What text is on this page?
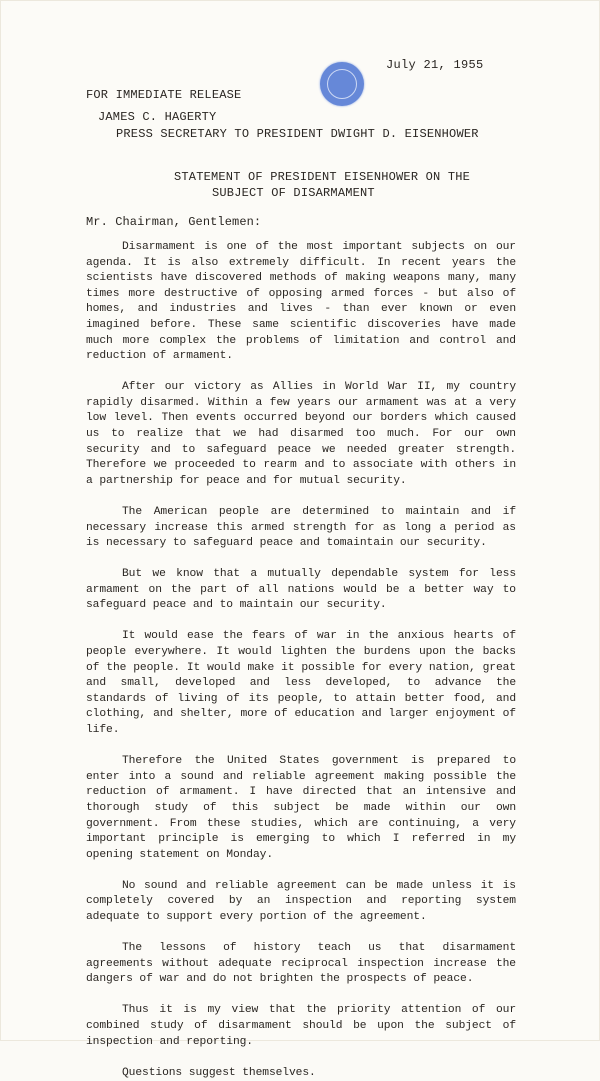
July 21, 1955
FOR IMMEDIATE RELEASE
JAMES C. HAGERTY
PRESS SECRETARY TO PRESIDENT DWIGHT D. EISENHOWER
STATEMENT OF PRESIDENT EISENHOWER ON THE
SUBJECT OF DISARMAMENT
Mr. Chairman, Gentlemen:

Disarmament is one of the most important subjects on our agenda. It is also extremely difficult. In recent years the scientists have discovered methods of making weapons many, many times more destructive of opposing armed forces - but also of homes, and industries and lives - than ever known or even imagined before. These same scientific discoveries have made much more complex the problems of limitation and control and reduction of armament.

After our victory as Allies in World War II, my country rapidly disarmed. Within a few years our armament was at a very low level. Then events occurred beyond our borders which caused us to realize that we had disarmed too much. For our own security and to safeguard peace we needed greater strength. Therefore we proceeded to rearm and to associate with others in a partnership for peace and for mutual security.

The American people are determined to maintain and if necessary increase this armed strength for as long a period as is necessary to safeguard peace and tomaintain our security.

But we know that a mutually dependable system for less armament on the part of all nations would be a better way to safeguard peace and to maintain our security.

It would ease the fears of war in the anxious hearts of people everywhere. It would lighten the burdens upon the backs of the people. It would make it possible for every nation, great and small, developed and less developed, to advance the standards of living of its people, to attain better food, and clothing, and shelter, more of education and larger enjoyment of life.

Therefore the United States government is prepared to enter into a sound and reliable agreement making possible the reduction of armament. I have directed that an intensive and thorough study of this subject be made within our own government. From these studies, which are continuing, a very important principle is emerging to which I referred in my opening statement on Monday.

No sound and reliable agreement can be made unless it is completely covered by an inspection and reporting system adequate to support every portion of the agreement.

The lessons of history teach us that disarmament agreements without adequate reciprocal inspection increase the dangers of war and do not brighten the prospects of peace.

Thus it is my view that the priority attention of our combined study of disarmament should be upon the subject of inspection and reporting.

Questions suggest themselves.
